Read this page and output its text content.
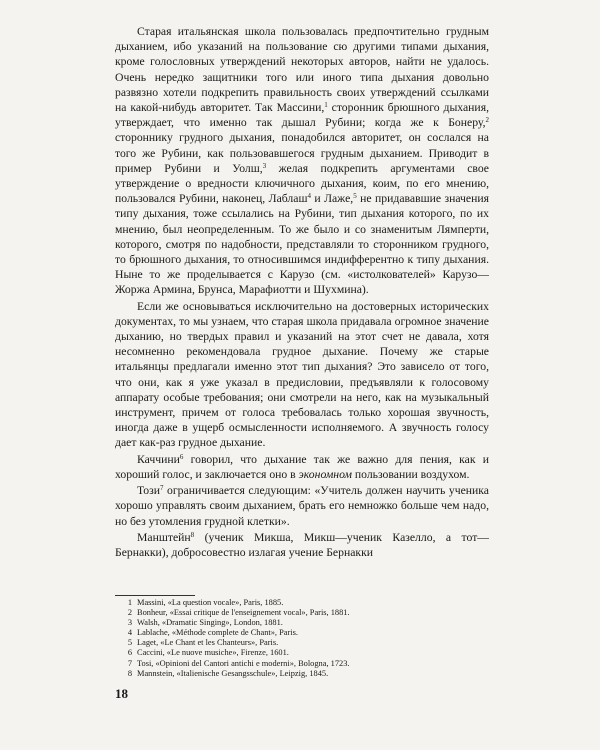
Старая итальянская школа пользовалась предпочтительно грудным дыханием, ибо указаний на пользование сю другими типами дыхания, кроме голословных утверждений некоторых авторов, найти не удалось. Очень нередко защитники того или иного типа дыхания довольно развязно хотели подкрепить правильность своих утверждений ссылками на какой-нибудь авторитет. Так Массини,$^1$ сторонник брюшного дыхания, утверждает, что именно так дышал Рубини; когда же к Бонеру,$^2$ стороннику грудного дыхания, понадобился авторитет, он сослался на того же Рубини, как пользовавшегося грудным дыханием. Приводит в пример Рубини и Уолш,$^3$ желая подкрепить аргументами свое утверждение о вредности ключичного дыхания, коим, по его мнению, пользовался Рубини, наконец, Лаблаш$^4$ и Лаже,$^5$ не придававшие значения типу дыхания, тоже ссылались на Рубини, тип дыхания которого, по их мнению, был неопределенным. То же было и со знаменитым Лямперти, которого, смотря по надобности, представляли то сторонником грудного, то брюшного дыхания, то относившимся индифферентно к типу дыхания. Ныне то же проделывается с Карузо (см. «истолкователей» Карузо—Жоржа Армина, Брунса, Марафиотти и Шухмина).

Если же основываться исключительно на достоверных исторических документах, то мы узнаем, что старая школа придавала огромное значение дыханию, но твердых правил и указаний на этот счет не давала, хотя несомненно рекомендовала грудное дыхание. Почему же старые итальянцы предлагали именно этот тип дыхания? Это зависело от того, что они, как я уже указал в предисловии, предъявляли к голосовому аппарату особые требования; они смотрели на него, как на музыкальный инструмент, причем от голоса требовалась только хорошая звучность, иногда даже в ущерб осмысленности исполняемого. А звучность голосу дает как-раз грудное дыхание.

Каччини$^6$ говорил, что дыхание так же важно для пения, как и хороший голос, и заключается оно в экономном пользовании воздухом.

Този$^7$ ограничивается следующим: «Учитель должен научить ученика хорошо управлять своим дыханием, брать его немножко больше чем надо, но без утомления грудной клетки».

Манштейн$^8$ (ученик Микша, Микш—ученик Казелло, а тот—Бернакки), добросовестно излагая учение Бернакки

1 Massini, «La question vocale», Paris, 1885.
2 Bonheur, «Essai critique de l'enseignement vocal», Paris, 1881.
3 Walsh, «Dramatic Singing», London, 1881.
4 Lablache, «Méthode complete de Chant», Paris.
5 Laget, «Le Chant et les Chanteurs», Paris.
6 Caccini, «Le nuove musiche», Firenze, 1601.
7 Tosi, «Opinioni del Cantori antichi e moderni», Bologna, 1723.
8 Mannstein, «Italienische Gesangsschule», Leipzig, 1845.
18
